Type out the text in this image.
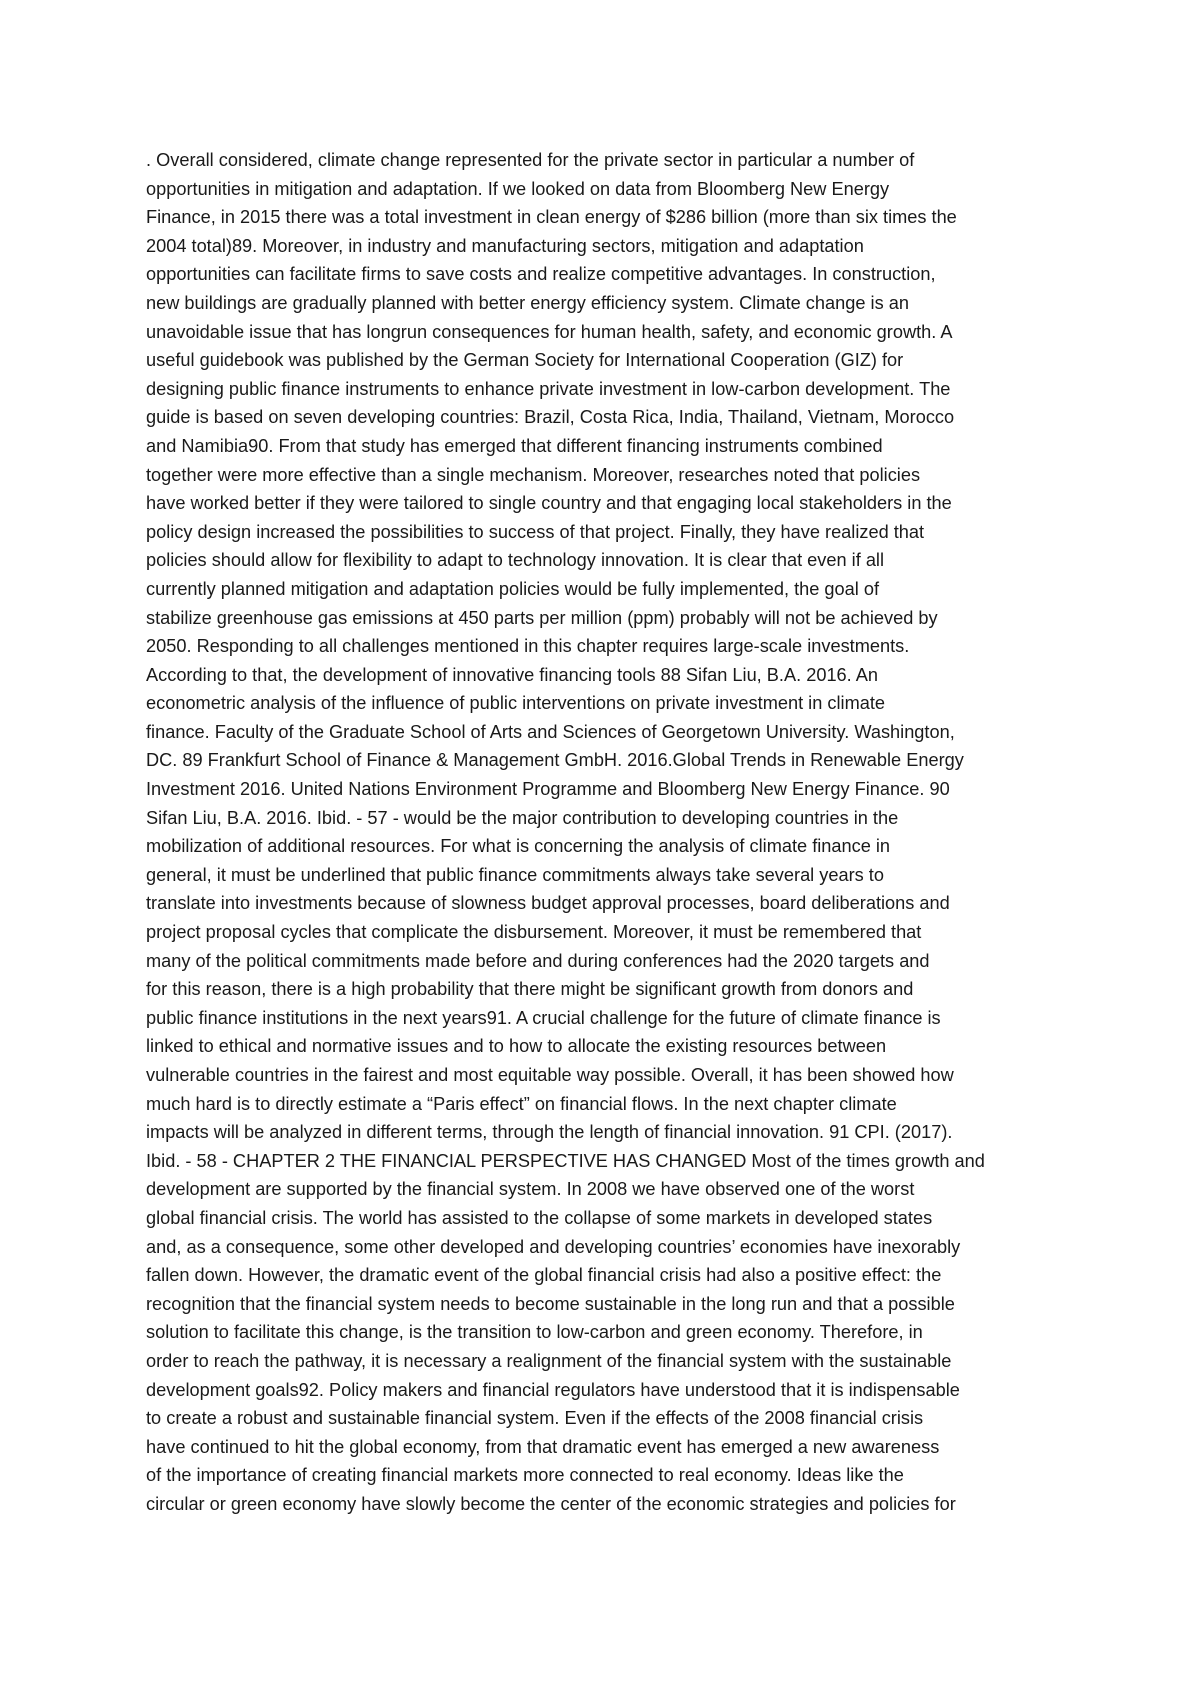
. Overall considered, climate change represented for the private sector in particular a number of
opportunities in mitigation and adaptation. If we looked on data from Bloomberg New Energy
Finance, in 2015 there was a total investment in clean energy of $286 billion (more than six times the
2004 total)89. Moreover, in industry and manufacturing sectors, mitigation and adaptation
opportunities can facilitate firms to save costs and realize competitive advantages. In construction,
new buildings are gradually planned with better energy efficiency system. Climate change is an
unavoidable issue that has longrun consequences for human health, safety, and economic growth. A
useful guidebook was published by the German Society for International Cooperation (GIZ) for
designing public finance instruments to enhance private investment in low-carbon development. The
guide is based on seven developing countries: Brazil, Costa Rica, India, Thailand, Vietnam, Morocco
and Namibia90. From that study has emerged that different financing instruments combined
together were more effective than a single mechanism. Moreover, researches noted that policies
have worked better if they were tailored to single country and that engaging local stakeholders in the
policy design increased the possibilities to success of that project. Finally, they have realized that
policies should allow for flexibility to adapt to technology innovation. It is clear that even if all
currently planned mitigation and adaptation policies would be fully implemented, the goal of
stabilize greenhouse gas emissions at 450 parts per million (ppm) probably will not be achieved by
2050. Responding to all challenges mentioned in this chapter requires large-scale investments.
According to that, the development of innovative financing tools 88 Sifan Liu, B.A. 2016. An
econometric analysis of the influence of public interventions on private investment in climate
finance. Faculty of the Graduate School of Arts and Sciences of Georgetown University. Washington,
DC. 89 Frankfurt School of Finance & Management GmbH. 2016.Global Trends in Renewable Energy
Investment 2016. United Nations Environment Programme and Bloomberg New Energy Finance. 90
Sifan Liu, B.A. 2016. Ibid. - 57 - would be the major contribution to developing countries in the
mobilization of additional resources. For what is concerning the analysis of climate finance in
general, it must be underlined that public finance commitments always take several years to
translate into investments because of slowness budget approval processes, board deliberations and
project proposal cycles that complicate the disbursement. Moreover, it must be remembered that
many of the political commitments made before and during conferences had the 2020 targets and
for this reason, there is a high probability that there might be significant growth from donors and
public finance institutions in the next years91. A crucial challenge for the future of climate finance is
linked to ethical and normative issues and to how to allocate the existing resources between
vulnerable countries in the fairest and most equitable way possible. Overall, it has been showed how
much hard is to directly estimate a “Paris effect” on financial flows. In the next chapter climate
impacts will be analyzed in different terms, through the length of financial innovation. 91 CPI. (2017).
Ibid. - 58 - CHAPTER 2 THE FINANCIAL PERSPECTIVE HAS CHANGED Most of the times growth and
development are supported by the financial system. In 2008 we have observed one of the worst
global financial crisis. The world has assisted to the collapse of some markets in developed states
and, as a consequence, some other developed and developing countries’ economies have inexorably
fallen down. However, the dramatic event of the global financial crisis had also a positive effect: the
recognition that the financial system needs to become sustainable in the long run and that a possible
solution to facilitate this change, is the transition to low-carbon and green economy. Therefore, in
order to reach the pathway, it is necessary a realignment of the financial system with the sustainable
development goals92. Policy makers and financial regulators have understood that it is indispensable
to create a robust and sustainable financial system. Even if the effects of the 2008 financial crisis
have continued to hit the global economy, from that dramatic event has emerged a new awareness
of the importance of creating financial markets more connected to real economy. Ideas like the
circular or green economy have slowly become the center of the economic strategies and policies for
